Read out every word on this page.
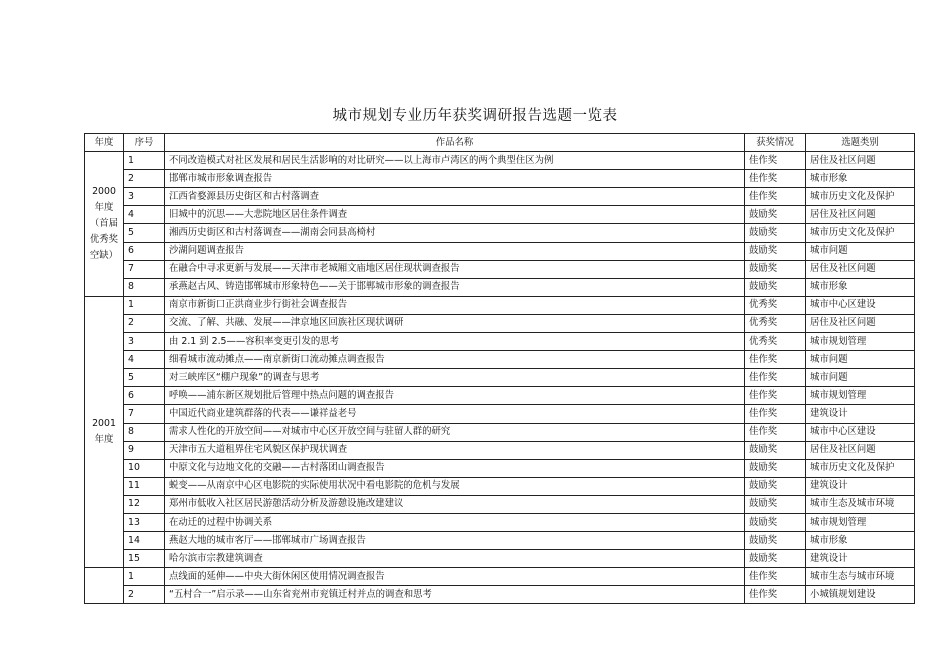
城市规划专业历年获奖调研报告选题一览表
年度	序号	作品名称	获奖情况	选题类别
2000年度（首届优秀奖空缺）	1	不同改造模式对社区发展和居民生活影响的对比研究——以上海市卢湾区的两个典型住区为例	佳作奖	居住及社区问题
	2	邯郸市城市形象调查报告	佳作奖	城市形象
	3	江西省婺源县历史街区和古村落调查	佳作奖	城市历史文化及保护
	4	旧城中的沉思——大悲院地区居住条件调查	鼓励奖	居住及社区问题
	5	湘西历史街区和古村落调查——湖南会同县高椅村	鼓励奖	城市历史文化及保护
	6	沙湖问题调查报告	鼓励奖	城市问题
	7	在融合中寻求更新与发展——天津市老城厢文庙地区居住现状调查报告	鼓励奖	居住及社区问题
	8	承燕赵古风、铸造邯郸城市形象特色——关于邯郸城市形象的调查报告	鼓励奖	城市形象
2001年度	1	南京市新街口正洪商业步行街社会调查报告	优秀奖	城市中心区建设
	2	交流、了解、共融、发展——津京地区回族社区现状调研	优秀奖	居住及社区问题
	3	由 2.1 到 2.5——容积率变更引发的思考	优秀奖	城市规划管理
	4	细看城市流动摊点——南京新街口流动摊点调查报告	佳作奖	城市问题
	5	对三峡库区“棚户现象”的调查与思考	佳作奖	城市问题
	6	呼唤——浦东新区规划批后管理中热点问题的调查报告	佳作奖	城市规划管理
	7	中国近代商业建筑群落的代表——谦祥益老号	佳作奖	建筑设计
	8	需求人性化的开放空间——对城市中心区开放空间与驻留人群的研究	佳作奖	城市中心区建设
	9	天津市五大道租界住宅风貌区保护现状调查	鼓励奖	居住及社区问题
	10	中原文化与边地文化的交融——古村落团山调查报告	鼓励奖	城市历史文化及保护
	11	蜕变——从南京中心区电影院的实际使用状况中看电影院的危机与发展	鼓励奖	建筑设计
	12	郑州市低收入社区居民游憩活动分析及游憩设施改建建议	鼓励奖	城市生态及城市环境
	13	在动迁的过程中协调关系	鼓励奖	城市规划管理
	14	燕赵大地的城市客厅——邯郸城市广场调查报告	鼓励奖	城市形象
	15	哈尔滨市宗教建筑调查	鼓励奖	建筑设计
	1	点线面的延伸——中央大街休闲区使用情况调查报告	佳作奖	城市生态与城市环境
	2	“五村合一”启示录——山东省兖州市兖镇迁村并点的调查和思考	佳作奖	小城镇规划建设
